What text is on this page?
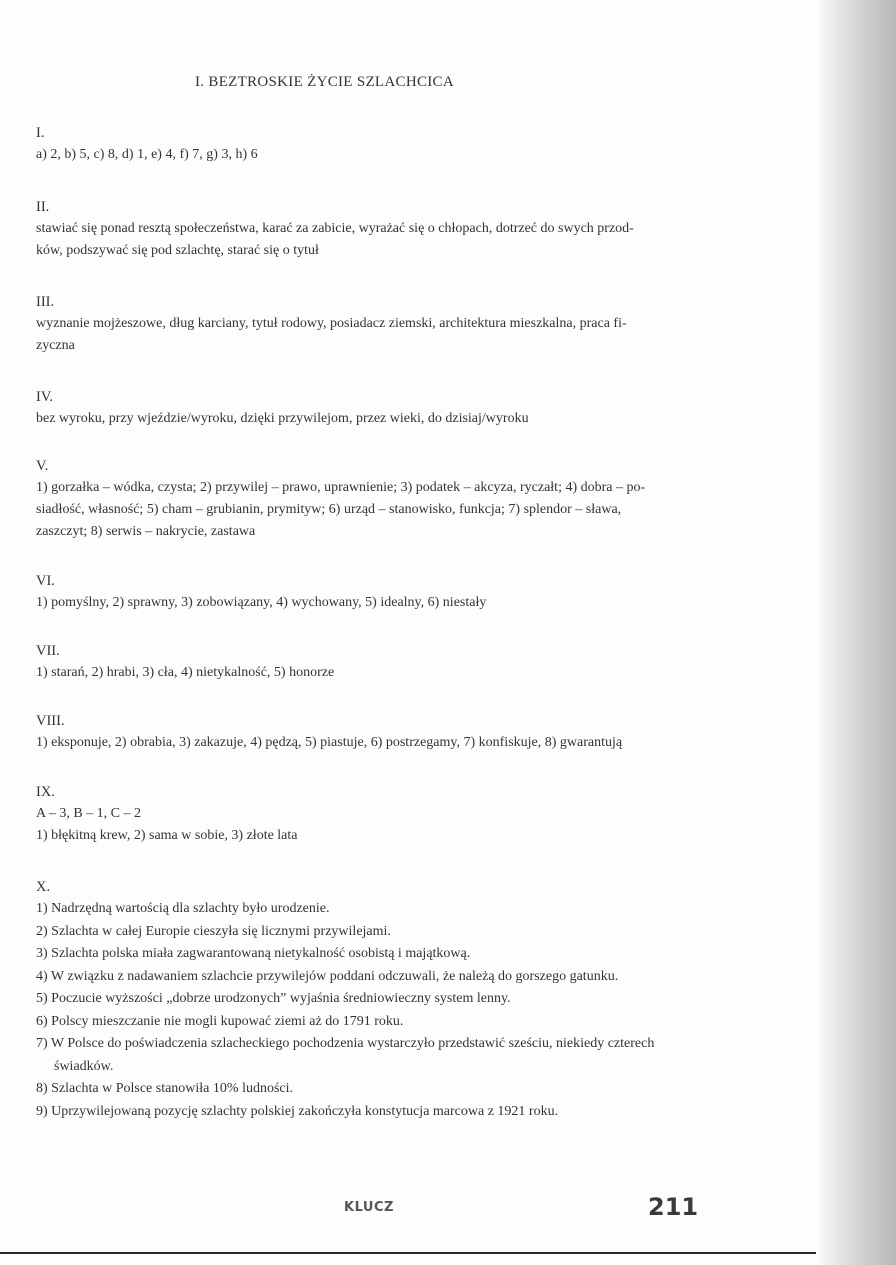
I. BEZTROSKIE ŻYCIE SZLACHCICA
I.
a) 2, b) 5, c) 8, d) 1, e) 4, f) 7, g) 3, h) 6
II.
stawiać się ponad resztą społeczeństwa, karać za zabicie, wyrażać się o chłopach, dotrzeć do swych przod-
ków, podszywać się pod szlachtę, starać się o tytuł
III.
wyznanie mojżeszowe, dług karciany, tytuł rodowy, posiadacz ziemski, architektura mieszkalna, praca fi-
zyczna
IV.
bez wyroku, przy wjeździe/wyroku, dzięki przywilejom, przez wieki, do dzisiaj/wyroku
V.
1) gorzałka – wódka, czysta; 2) przywilej – prawo, uprawnienie; 3) podatek – akcyza, ryczałt; 4) dobra – po-
siadłość, własność; 5) cham – grubianin, prymityw; 6) urząd – stanowisko, funkcja; 7) splendor – sława,
zaszczyt; 8) serwis – nakrycie, zastawa
VI.
1) pomyślny, 2) sprawny, 3) zobowiązany, 4) wychowany, 5) idealny, 6) niestały
VII.
1) starań, 2) hrabi, 3) cła, 4) nietykalność, 5) honorze
VIII.
1) eksponuje, 2) obrabia, 3) zakazuje, 4) pędzą, 5) piastuje, 6) postrzegamy, 7) konfiskuje, 8) gwarantują
IX.
A – 3, B – 1, C – 2
1) błękitną krew, 2) sama w sobie, 3) złote lata
X.
1) Nadrzędną wartością dla szlachty było urodzenie.
2) Szlachta w całej Europie cieszyła się licznymi przywilejami.
3) Szlachta polska miała zagwarantowaną nietykalność osobistą i majątkową.
4) W związku z nadawaniem szlachcie przywilejów poddani odczuwali, że należą do gorszego gatunku.
5) Poczucie wyższości „dobrze urodzonych” wyjaśnia średniowieczny system lenny.
6) Polscy mieszczanie nie mogli kupować ziemi aż do 1791 roku.
7) W Polsce do poświadczenia szlacheckiego pochodzenia wystarczyło przedstawić sześciu, niekiedy czterech świadków.
8) Szlachta w Polsce stanowiła 10% ludności.
9) Uprzywilejowaną pozycję szlachty polskiej zakończyła konstytucja marcowa z 1921 roku.
KLUCZ	211
